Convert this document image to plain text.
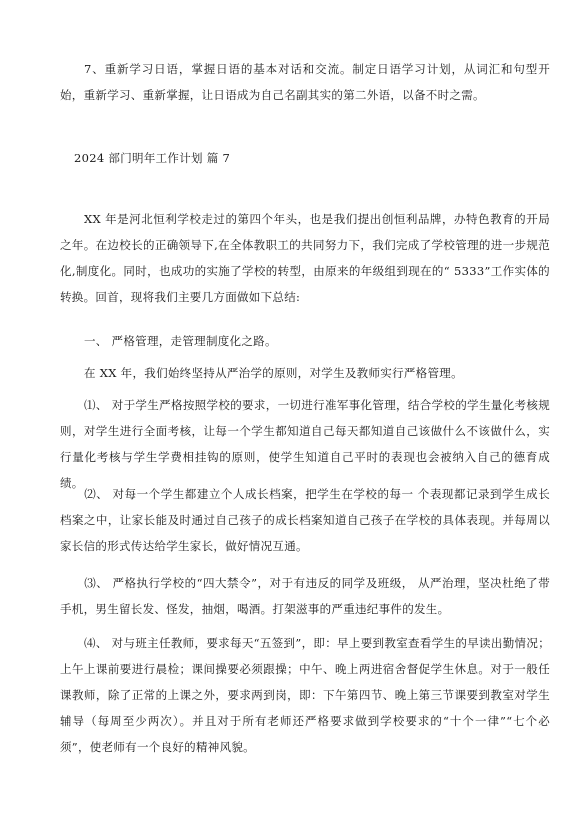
7、重新学习日语，掌握日语的基本对话和交流。制定日语学习计划，从词汇和句型开始，重新学习、重新掌握，让日语成为自己名副其实的第二外语，以备不时之需。

2024 部门明年工作计划 篇 7

XX 年是河北恒利学校走过的第四个年头，也是我们提出创恒利品牌，办特色教育的开局之年。在边校长的正确领导下,在全体教职工的共同努力下，我们完成了学校管理的进一步规范化,制度化。同时，也成功的实施了学校的转型，由原来的年级组到现在的“ 5333”工作实体的转换。回首，现将我们主要几方面做如下总结:

一、 严格管理，走管理制度化之路。

在 XX 年，我们始终坚持从严治学的原则，对学生及教师实行严格管理。

⑴、 对于学生严格按照学校的要求，一切进行准军事化管理，结合学校的学生量化考核规则，对学生进行全面考核，让每一个学生都知道自己每天都知道自己该做什么不该做什么，实行量化考核与学生学费相挂钩的原则，使学生知道自己平时的表现也会被纳入自己的德育成绩。

⑵、 对每一个学生都建立个人成长档案，把学生在学校的每一 个表现都记录到学生成长档案之中，让家长能及时通过自己孩子的成长档案知道自己孩子在学校的具体表现。并每周以家长信的形式传达给学生家长，做好情况互通。

⑶、 严格执行学校的“四大禁令”，对于有违反的同学及班级， 从严治理，坚决杜绝了带手机，男生留长发、怪发，抽烟，喝酒。打架滋事的严重违纪事件的发生。

⑷、 对与班主任教师，要求每天“五签到”，即：早上要到教室查看学生的早读出勤情况；上午上课前要进行晨检；课间操要必须跟操；中午、晚上两进宿舍督促学生休息。对于一般任课教师，除了正常的上课之外，要求两到岗，即：下午第四节、晚上第三节课要到教室对学生辅导（每周至少两次）。并且对于所有老师还严格要求做到学校要求的“十个一律”“七个必须”，使老师有一个良好的精神风貌。
